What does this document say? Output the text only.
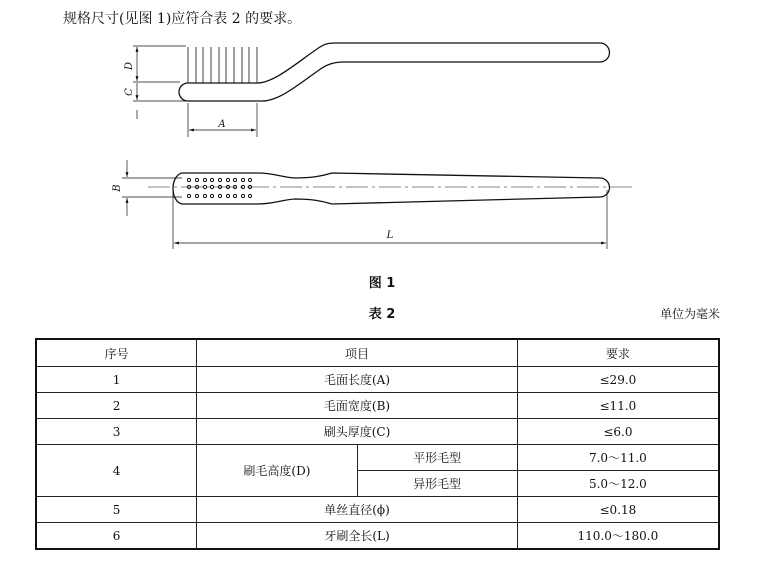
规格尺寸(见图 1)应符合表 2 的要求。
D
C
A
B
L
图 1
表 2	单位为毫米
序号	项目		要求
1	毛面长度(A)		≤29.0
2	毛面宽度(B)		≤11.0
3	刷头厚度(C)		≤6.0
4	刷毛高度(D)	平形毛型	7.0～11.0
		异形毛型	5.0～12.0
5	单丝直径(ϕ)		≤0.18
6	牙刷全长(L)		110.0～180.0
